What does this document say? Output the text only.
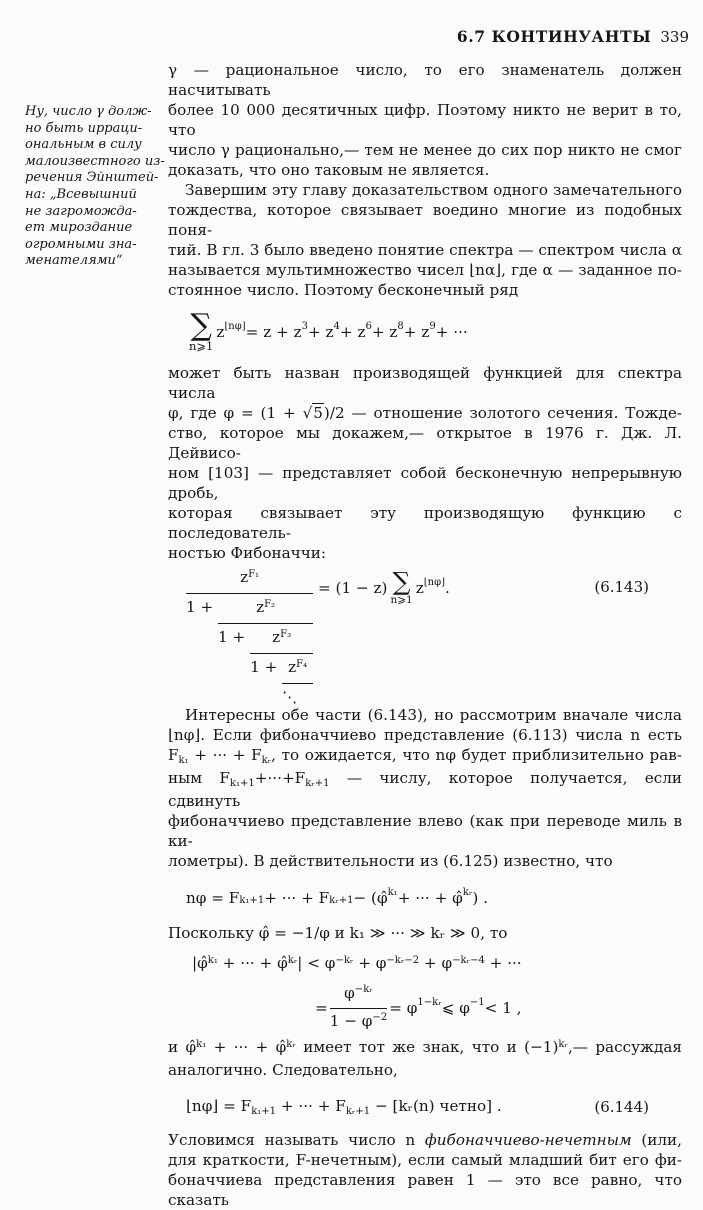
6.7 КОНТИНУАНТЫ 339
Ну, число γ долж-
но быть ирраци-
ональным в силу
малоизвестного из-
речения Эйнштей-
на: „Всевышний
не загроможда-
ет мироздание
огромными зна-
менателями“
γ — рациональное число, то его знаменатель должен насчитывать
более 10 000 десятичных цифр. Поэтому никто не верит в то, что
число γ рационально,— тем не менее до сих пор никто не смог
доказать, что оно таковым не является.
Завершим эту главу доказательством одного замечательного
тождества, которое связывает воедино многие из подобных поня-
тий. В гл. 3 было введено понятие спектра — спектром числа α
называется мультимножество чисел ⌊nα⌋, где α — заданное по-
стоянное число. Поэтому бесконечный ряд
∑
n⩾1
z ⌊nφ⌋ = z + z 3 + z 4 + z 6 + z 8 + z 9 + ···
может быть назван производящей функцией для спектра числа
φ, где φ = (1 + √5)/2 — отношение золотого сечения. Тожде-
ство, которое мы докажем,— открытое в 1976 г. Дж. Л. Дейвисо-
ном [103] — представляет собой бесконечную непрерывную дробь,
которая связывает эту производящую функцию с последователь-
ностью Фибоначчи:
$\frac{z^{F_1}}{1 + \frac{z^{F_2}}{1 + \frac{z^{F_3}}{1 + \frac{z^{F_4}}{⋱}}}} = (1 - z)$ ∑
n⩾1
z ⌊nφ⌋ .	(6.143)
Интересны обе части (6.143), но рассмотрим вначале числа
⌊nφ⌋. Если фибоначчиево представление (6.113) числа n есть
$F_{k_1}$ + ··· + $F_{kᵣ}$, то ожидается, что nφ будет приблизительно рав-
ным $F_{k_1+1}+\cdot\cdot\cdot+F_{kᵣ+1}$ — числу, которое получается, если сдвинуть
фибоначчиево представление влево (как при переводе миль в ки-
лометры). В действительности из (6.125) известно, что
nφ = F k₁+1 + ··· + F kᵣ+1 − (φ̂ k₁ + ··· + φ̂ kᵣ ) .
Поскольку φ̂ = −1/φ и k₁ ≫ ··· ≫ kᵣ ≫ 0, то
|φ̂$^{k_1}$ + ··· + φ̂$^{kᵣ}$| < $\varphi^{-kᵣ} + \varphi^{-kᵣ-2} + \varphi^{-kᵣ-4}$ + ···
= $\frac{\varphi^{-kᵣ}}{1 - \varphi^{-2}} = \varphi$ 1−kᵣ ⩽ φ −1 < 1 ,
и φ̂$^{k_1}$ + ··· + φ̂$^{kᵣ}$ имеет тот же знак, что и $(-1)^{kᵣ},—$ рассуждая
аналогично. Следовательно,
⌊nφ⌋ = $F_{k_1+1}$ + ··· + $F_{kᵣ+1}$ − [kᵣ(n) четно] .	(6.144)
Условимся называть число n фибоначчиево-нечетным (или,
для краткости, F-нечетным), если самый младший бит его фи-
боначчиева представления равен 1 — это все равно, что сказать
